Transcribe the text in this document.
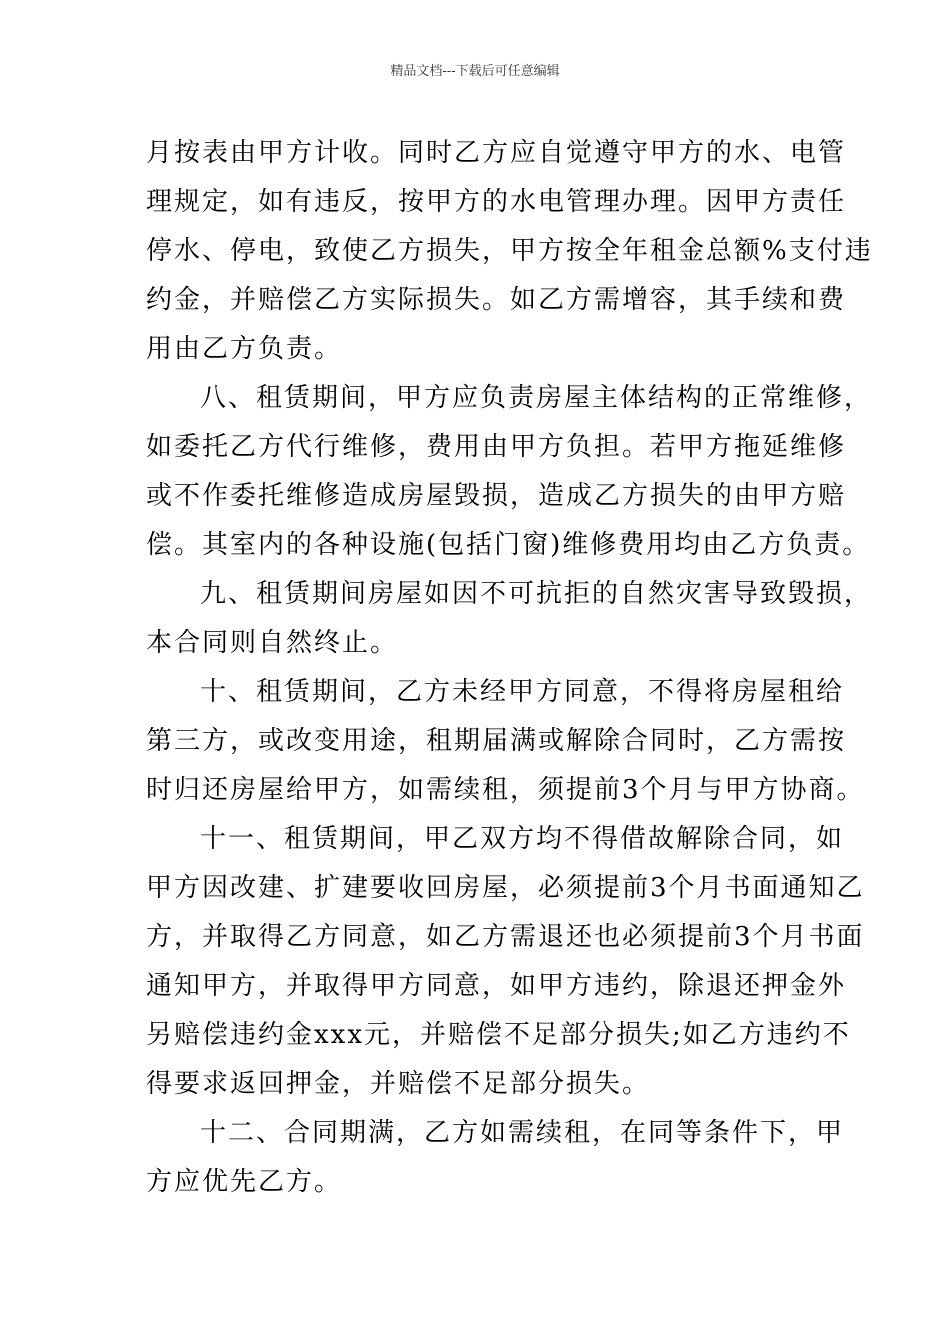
精品文档---下载后可任意编辑
月按表由甲方计收。同时乙方应自觉遵守甲方的水、电管
理规定，如有违反，按甲方的水电管理办理。因甲方责任
停水、停电，致使乙方损失，甲方按全年租金总额%支付违
约金，并赔偿乙方实际损失。如乙方需增容，其手续和费
用由乙方负责。
八、租赁期间，甲方应负责房屋主体结构的正常维修，
如委托乙方代行维修，费用由甲方负担。若甲方拖延维修
或不作委托维修造成房屋毁损，造成乙方损失的由甲方赔
偿。其室内的各种设施(包括门窗)维修费用均由乙方负责。
九、租赁期间房屋如因不可抗拒的自然灾害导致毁损，
本合同则自然终止。
十、租赁期间，乙方未经甲方同意，不得将房屋租给
第三方，或改变用途，租期届满或解除合同时，乙方需按
时归还房屋给甲方，如需续租，须提前3个月与甲方协商。
十一、租赁期间，甲乙双方均不得借故解除合同，如
甲方因改建、扩建要收回房屋，必须提前3个月书面通知乙
方，并取得乙方同意，如乙方需退还也必须提前3个月书面
通知甲方，并取得甲方同意，如甲方违约，除退还押金外
另赔偿违约金xxx元，并赔偿不足部分损失;如乙方违约不
得要求返回押金，并赔偿不足部分损失。
十二、合同期满，乙方如需续租，在同等条件下，甲
方应优先乙方。
